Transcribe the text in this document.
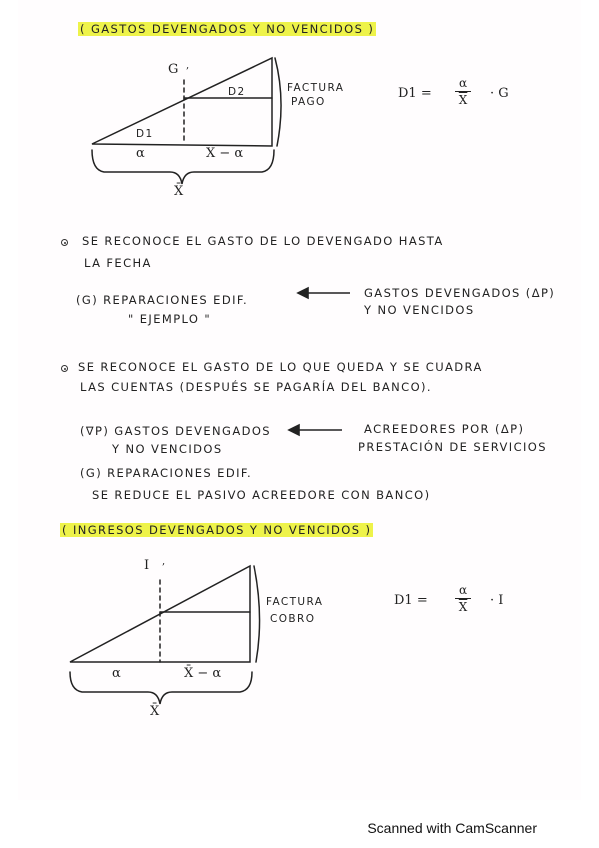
( GASTOS DEVENGADOS Y NO VENCIDOS )
G ,
D2
D1
α	X̄ − α
X̄
FACTURA
PAGO
$D1 = \frac{\alpha}{X} \cdot G$
SE RECONOCE EL GASTO DE LO DEVENGADO HASTA
LA FECHA
(G) REPARACIONES EDIF.
" EJEMPLO "
GASTOS DEVENGADOS (ΔP)
Y NO VENCIDOS
SE RECONOCE EL GASTO DE LO QUE QUEDA Y SE CUADRA
LAS CUENTAS (DESPUÉS SE PAGARÍA DEL BANCO).
(∇P) GASTOS DEVENGADOS
Y NO VENCIDOS
ACREEDORES POR (ΔP)
PRESTACIÓN DE SERVICIOS
(G) REPARACIONES EDIF.
SE REDUCE EL PASIVO ACREEDORE CON BANCO)
( INGRESOS DEVENGADOS Y NO VENCIDOS )
I ,
α	X̄ − α
X̄
FACTURA
COBRO
$D1 = \frac{\alpha}{X} \cdot I$
Scanned with CamScanner
